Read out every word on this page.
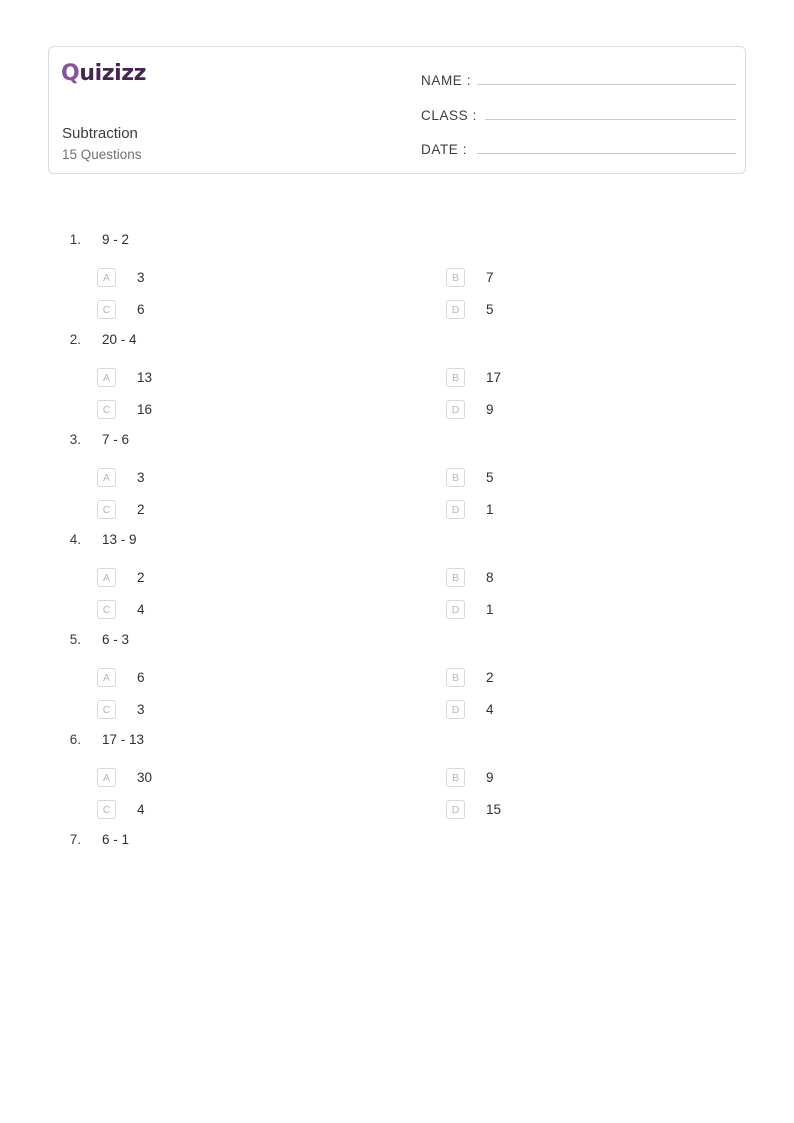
Quizizz
Subtraction
15 Questions
NAME :
CLASS :
DATE :
1. 9 - 2
A	3	B	7
C	6	D	5
2. 20 - 4
A	13	B	17
C	16	D	9
3. 7 - 6
A	3	B	5
C	2	D	1
4. 13 - 9
A	2	B	8
C	4	D	1
5. 6 - 3
A	6	B	2
C	3	D	4
6. 17 - 13
A	30	B	9
C	4	D	15
7. 6 - 1
